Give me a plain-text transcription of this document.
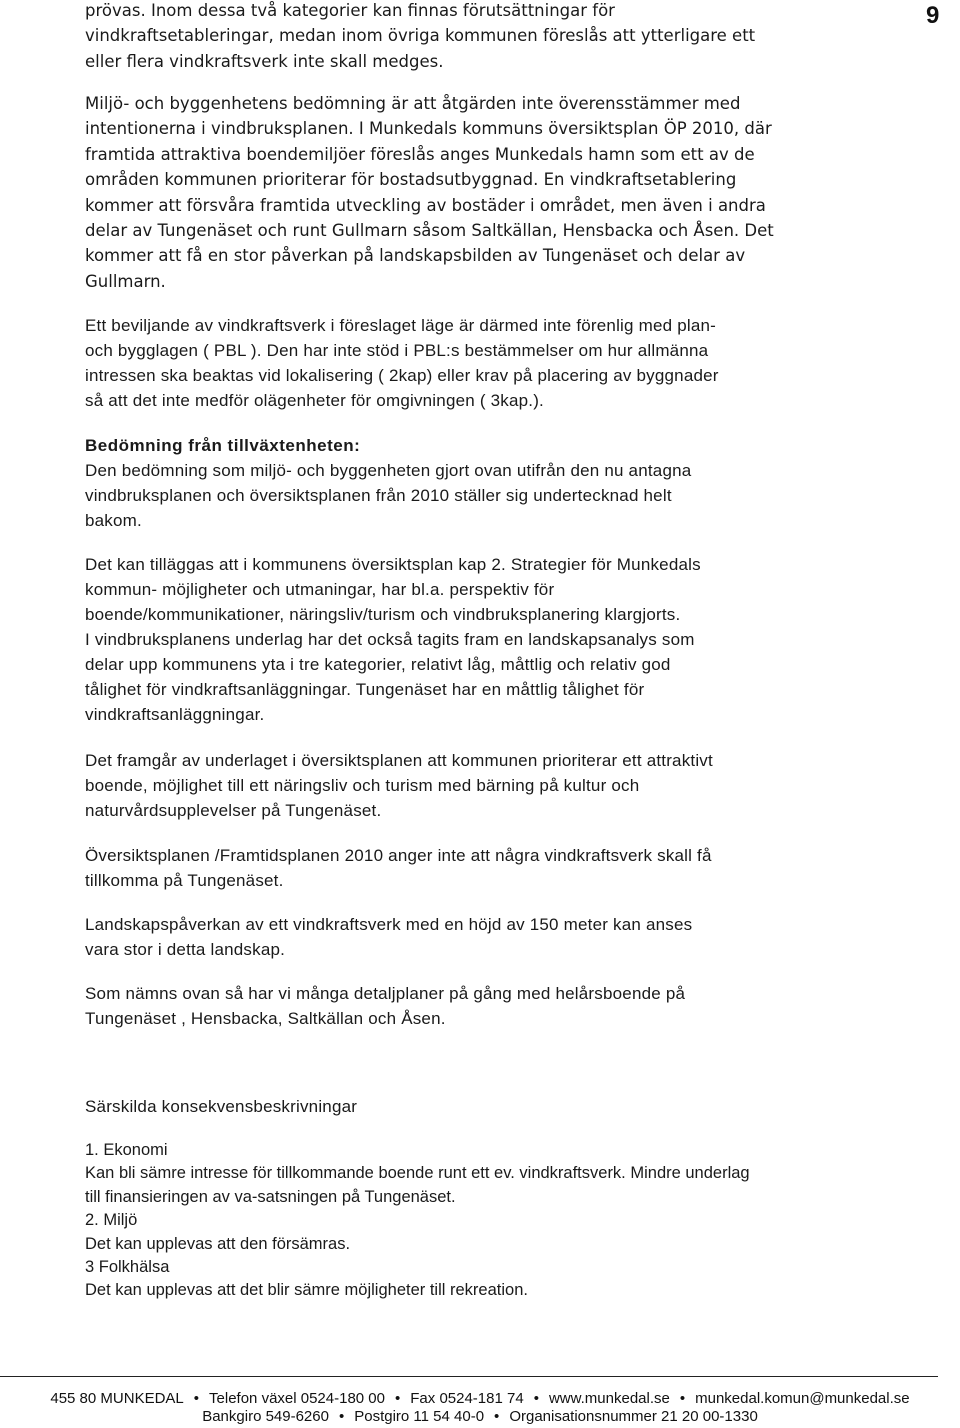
9
prövas. Inom dessa två kategorier kan finnas förutsättningar för
vindkraftsetableringar, medan inom övriga kommunen föreslås att ytterligare ett
eller flera vindkraftsverk inte skall medges.
Miljö- och byggenhetens bedömning är att åtgärden inte överensstämmer med
intentionerna i vindbruksplanen. I Munkedals kommuns översiktsplan ÖP 2010, där
framtida attraktiva boendemiljöer föreslås anges Munkedals hamn som ett av de
områden kommunen prioriterar för bostadsutbyggnad. En vindkraftsetablering
kommer att försvåra framtida utveckling av bostäder i området, men även i andra
delar av Tungenäset och runt Gullmarn såsom Saltkällan, Hensbacka och Åsen. Det
kommer att få en stor påverkan på landskapsbilden av Tungenäset och delar av
Gullmarn.
Ett beviljande av vindkraftsverk i föreslaget läge är därmed inte förenlig med plan-
och bygglagen ( PBL ). Den har inte stöd i PBL:s bestämmelser om hur allmänna
intressen ska beaktas vid lokalisering ( 2kap) eller krav på placering av byggnader
så att det inte medför olägenheter för omgivningen ( 3kap.).
Bedömning från tillväxtenheten:
Den bedömning som miljö- och byggenheten gjort ovan utifrån den nu antagna
vindbruksplanen och översiktsplanen från 2010 ställer sig undertecknad helt
bakom.
Det kan tilläggas att i kommunens översiktsplan kap 2. Strategier för Munkedals
kommun- möjligheter och utmaningar, har bl.a. perspektiv för
boende/kommunikationer, näringsliv/turism och vindbruksplanering klargjorts.
I vindbruksplanens underlag har det också tagits fram en landskapsanalys som
delar upp kommunens yta i tre kategorier, relativt låg, måttlig och relativ god
tålighet för vindkraftsanläggningar. Tungenäset har en måttlig tålighet för
vindkraftsanläggningar.
Det framgår av underlaget i översiktsplanen att kommunen prioriterar ett attraktivt
boende, möjlighet till ett näringsliv och turism med bärning på kultur och
naturvårdsupplevelser på Tungenäset.
Översiktsplanen /Framtidsplanen 2010 anger inte att några vindkraftsverk skall få
tillkomma på Tungenäset.
Landskapspåverkan av ett vindkraftsverk med en höjd av 150 meter kan anses
vara stor i detta landskap.
Som nämns ovan så har vi många detaljplaner på gång med helårsboende på
Tungenäset , Hensbacka, Saltkällan och Åsen.
Särskilda konsekvensbeskrivningar
1. Ekonomi
Kan bli sämre intresse för tillkommande boende runt ett ev. vindkraftsverk. Mindre underlag
till finansieringen av va-satsningen på Tungenäset.
2. Miljö
Det kan upplevas att den försämras.
3 Folkhälsa
Det kan upplevas att det blir sämre möjligheter till rekreation.
455 80 MUNKEDAL • Telefon växel 0524-180 00 • Fax 0524-181 74 • www.munkedal.se • munkedal.komun@munkedal.se
Bankgiro 549-6260 • Postgiro 11 54 40-0 • Organisationsnummer 21 20 00-1330
